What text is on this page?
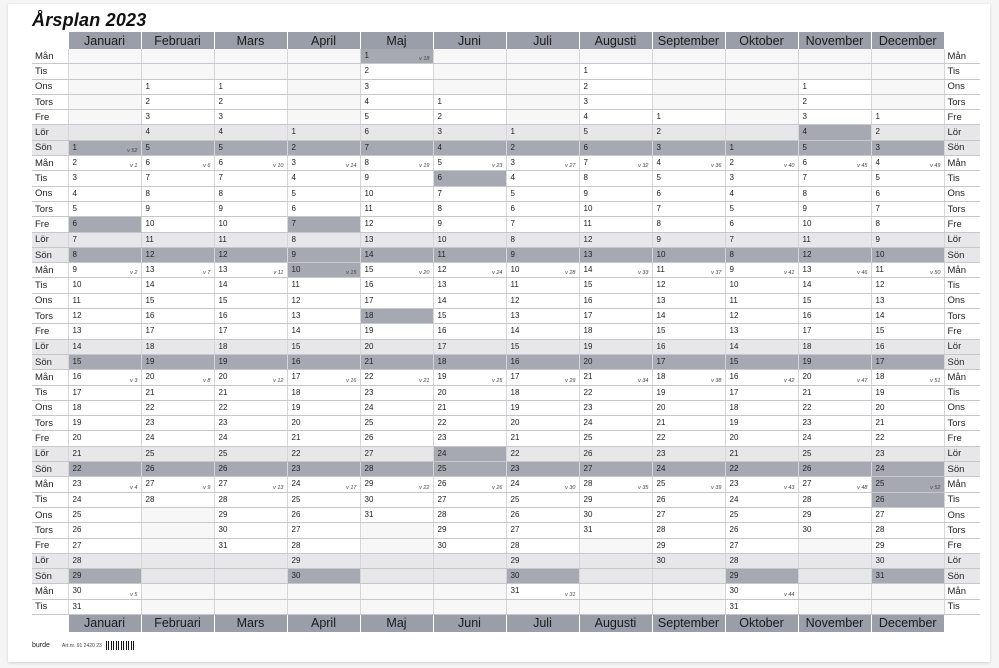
Årsplan 2023
	Januari	Februari	Mars	April	Maj	Juni	Juli	Augusti	September	Oktober	November	December	
Mån					1 v 18								Mån
Tis					2			1					Tis
Ons		1	1		3			2			1		Ons
Tors		2	2		4	1		3			2		Tors
Fre		3	3		5	2		4	1		3	1	Fre
Lör		4	4	1	6	3	1	5	2		4	2	Lör
Sön	1 v 52	5	5	2	7	4	2	6	3	1	5	3	Sön
Mån	2 v 1	6 v 6	6 v 10	3 v 14	8 v 19	5 v 23	3 v 27	7 v 32	4 v 36	2 v 40	6 v 45	4 v 49	Mån
Tis	3	7	7	4	9	6	4	8	5	3	7	5	Tis
Ons	4	8	8	5	10	7	5	9	6	4	8	6	Ons
Tors	5	9	9	6	11	8	6	10	7	5	9	7	Tors
Fre	6	10	10	7	12	9	7	11	8	6	10	8	Fre
Lör	7	11	11	8	13	10	8	12	9	7	11	9	Lör
Sön	8	12	12	9	14	11	9	13	10	8	12	10	Sön
Mån	9 v 2	13 v 7	13 v 11	10 v 15	15 v 20	12 v 24	10 v 28	14 v 33	11 v 37	9 v 41	13 v 46	11 v 50	Mån
Tis	10	14	14	11	16	13	11	15	12	10	14	12	Tis
Ons	11	15	15	12	17	14	12	16	13	11	15	13	Ons
Tors	12	16	16	13	18	15	13	17	14	12	16	14	Tors
Fre	13	17	17	14	19	16	14	18	15	13	17	15	Fre
Lör	14	18	18	15	20	17	15	19	16	14	18	16	Lör
Sön	15	19	19	16	21	18	16	20	17	15	19	17	Sön
Mån	16 v 3	20 v 8	20 v 12	17 v 16	22 v 21	19 v 25	17 v 29	21 v 34	18 v 38	16 v 42	20 v 47	18 v 51	Mån
Tis	17	21	21	18	23	20	18	22	19	17	21	19	Tis
Ons	18	22	22	19	24	21	19	23	20	18	22	20	Ons
Tors	19	23	23	20	25	22	20	24	21	19	23	21	Tors
Fre	20	24	24	21	26	23	21	25	22	20	24	22	Fre
Lör	21	25	25	22	27	24	22	26	23	21	25	23	Lör
Sön	22	26	26	23	28	25	23	27	24	22	26	24	Sön
Mån	23 v 4	27 v 9	27 v 13	24 v 17	29 v 22	26 v 26	24 v 30	28 v 35	25 v 39	23 v 43	27 v 48	25 v 52	Mån
Tis	24	28	28	25	30	27	25	29	26	24	28	26	Tis
Ons	25		29	26	31	28	26	30	27	25	29	27	Ons
Tors	26		30	27		29	27	31	28	26	30	28	Tors
Fre	27		31	28		30	28		29	27		29	Fre
Lör	28			29			29		30	28		30	Lör
Sön	29			30			30			29		31	Sön
Mån	30 v 5						31 v 31			30 v 44			Mån
Tis	31									31			Tis
	Januari	Februari	Mars	April	Maj	Juni	Juli	Augusti	September	Oktober	November	December	
burde Art.nr. 91 2420 23
